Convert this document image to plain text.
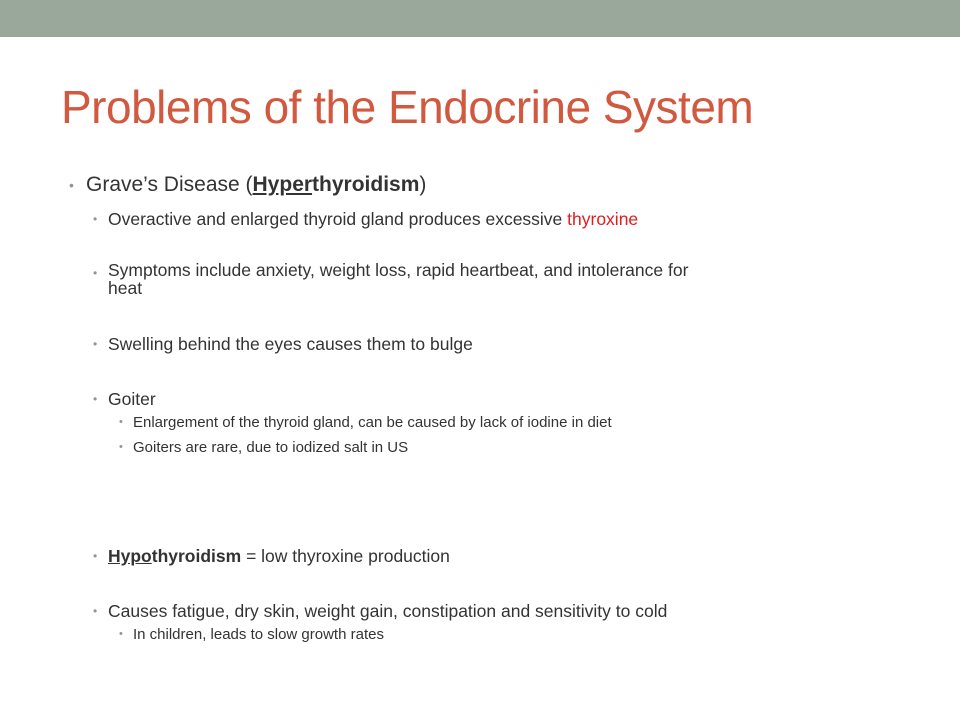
Problems of the Endocrine System
• Grave’s Disease (Hyperthyroidism)
• Overactive and enlarged thyroid gland produces excessive thyroxine
• Symptoms include anxiety, weight loss, rapid heartbeat, and intolerance for
heat
• Swelling behind the eyes causes them to bulge
• Goiter
• Enlargement of the thyroid gland, can be caused by lack of iodine in diet
• Goiters are rare, due to iodized salt in US
• Hypothyroidism = low thyroxine production
• Causes fatigue, dry skin, weight gain, constipation and sensitivity to cold
• In children, leads to slow growth rates
